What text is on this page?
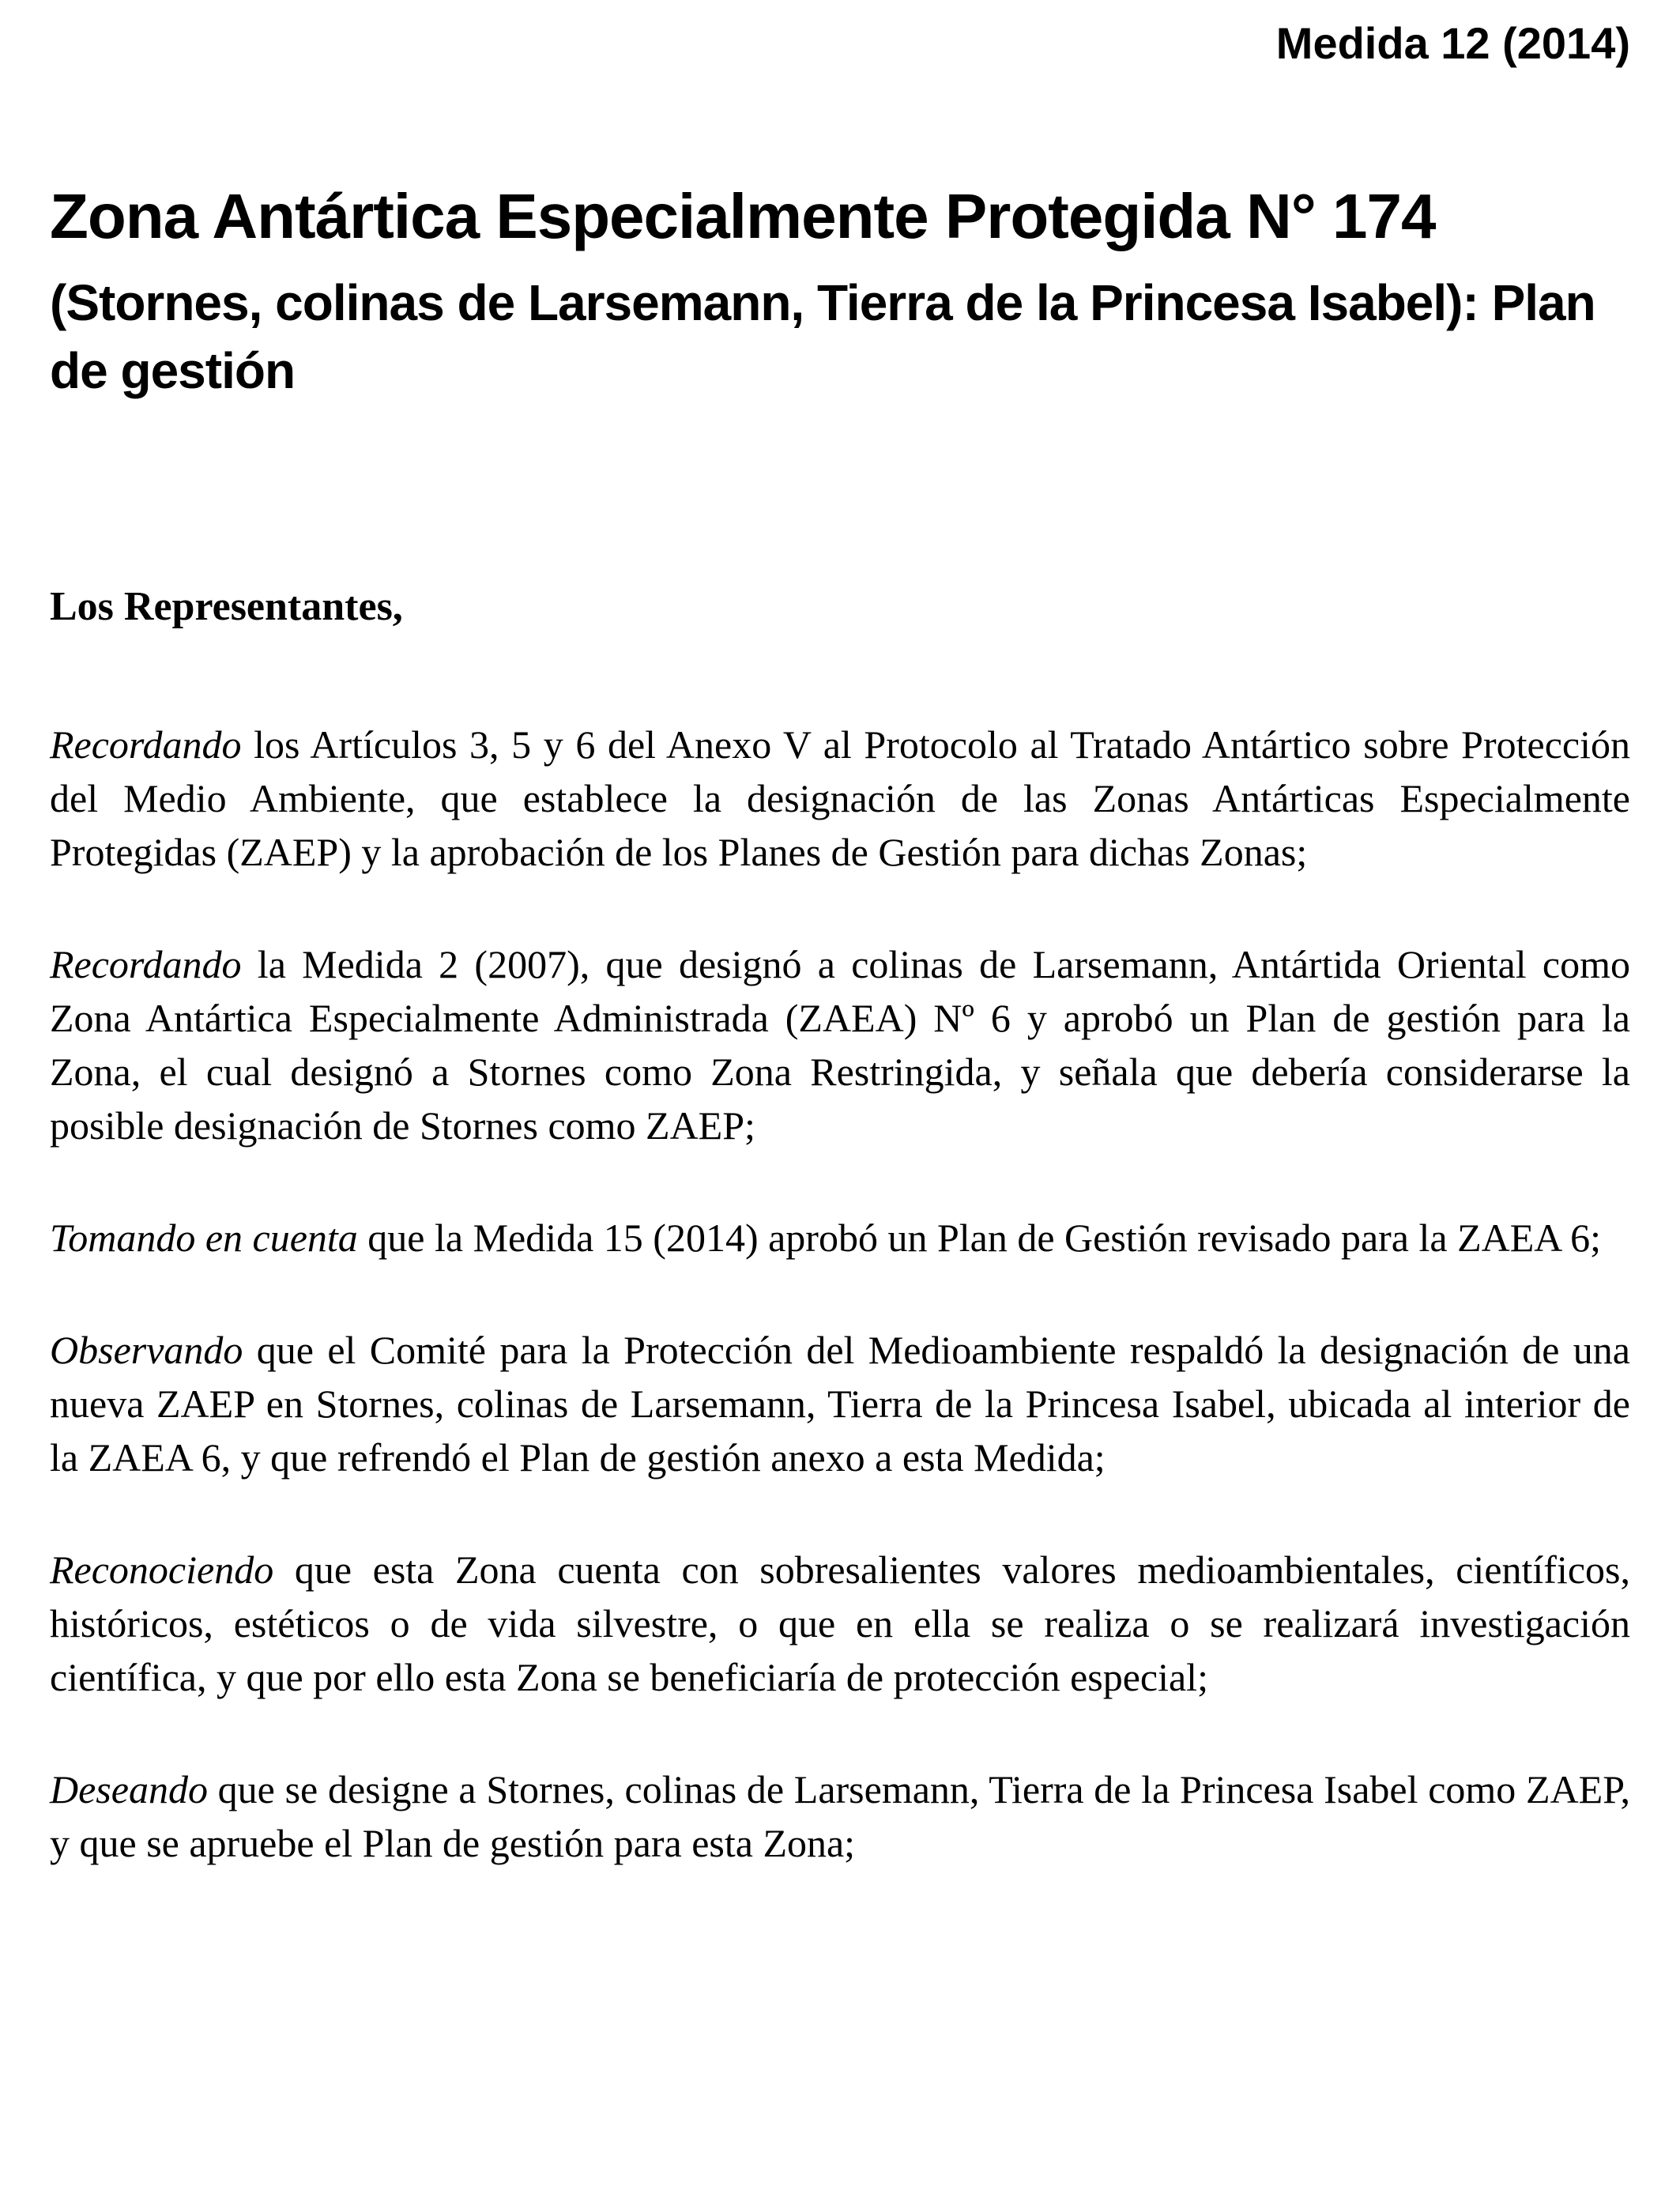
Medida 12 (2014)
Zona Antártica Especialmente Protegida N° 174
(Stornes, colinas de Larsemann, Tierra de la Princesa Isabel): Plan de gestión

Los Representantes,

Recordando los Artículos 3, 5 y 6 del Anexo V al Protocolo al Tratado Antártico sobre Protección del Medio Ambiente, que establece la designación de las Zonas Antárticas Especialmente Protegidas (ZAEP) y la aprobación de los Planes de Gestión para dichas Zonas;

Recordando la Medida 2 (2007), que designó a colinas de Larsemann, Antártida Oriental como Zona Antártica Especialmente Administrada (ZAEA) Nº 6 y aprobó un Plan de gestión para la Zona, el cual designó a Stornes como Zona Restringida, y señala que debería considerarse la posible designación de Stornes como ZAEP;

Tomando en cuenta que la Medida 15 (2014) aprobó un Plan de Gestión revisado para la ZAEA 6;

Observando que el Comité para la Protección del Medioambiente respaldó la designación de una nueva ZAEP en Stornes, colinas de Larsemann, Tierra de la Princesa Isabel, ubicada al interior de la ZAEA 6, y que refrendó el Plan de gestión anexo a esta Medida;

Reconociendo que esta Zona cuenta con sobresalientes valores medioambientales, científicos, históricos, estéticos o de vida silvestre, o que en ella se realiza o se realizará investigación científica, y que por ello esta Zona se beneficiaría de protección especial;

Deseando que se designe a Stornes, colinas de Larsemann, Tierra de la Princesa Isabel como ZAEP, y que se apruebe el Plan de gestión para esta Zona;
